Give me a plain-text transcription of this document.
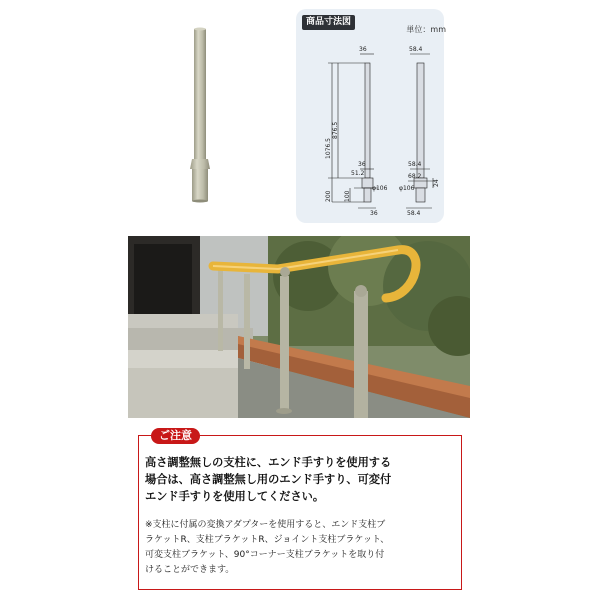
36	58.4
1076.5
876.5
36	58.4
51.2	68.2
200 100
φ106 φ106
24
36	58.4
商品寸法図
単位：mm
ご注意
高さ調整無しの支柱に、エンド手すりを使用する
場合は、高さ調整無し用のエンド手すり、可変付
エンド手すりを使用してください。
※支柱に付属の変換アダプターを使用すると、エンド支柱ブ
ラケットR、支柱ブラケットR、ジョイント支柱ブラケット、
可変支柱ブラケット、90°コーナー支柱ブラケットを取り付
けることができます。
